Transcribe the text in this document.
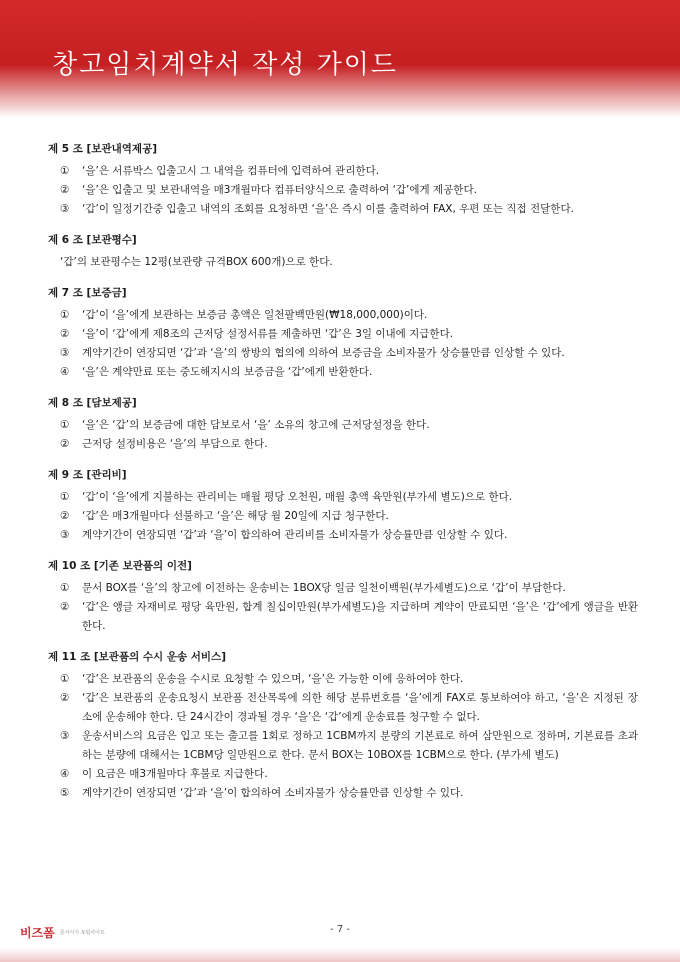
창고임치계약서 작성 가이드
제 5 조 [보관내역제공]
①	‘을’은 서류박스 입출고시 그 내역을 컴퓨터에 입력하여 관리한다.
②	‘을’은 입출고 및 보관내역을 매3개월마다 컴퓨터양식으로 출력하여 ‘갑’에게 제공한다.
③	‘갑’이 일정기간중 입출고 내역의 조회를 요청하면 ‘을’은 즉시 이를 출력하여 FAX, 우편 또는 직접 전달한다.
제 6 조 [보관평수]
‘갑’의 보관평수는 12평(보관량 규격BOX 600개)으로 한다.
제 7 조 [보증금]
①	‘갑’이 ‘을’에게 보관하는 보증금 총액은 일천팔백만원(₩18,000,000)이다.
②	‘을’이 ‘갑’에게 제8조의 근저당 설정서류를 제출하면 ‘갑’은 3일 이내에 지급한다.
③	계약기간이 연장되면 ‘갑’과 ‘을’의 쌍방의 협의에 의하여 보증금을 소비자물가 상승률만큼 인상할 수 있다.
④	‘을’은 계약만료 또는 중도해지시의 보증금을 ‘갑’에게 반환한다.
제 8 조 [담보제공]
①	‘을’은 ‘갑’의 보증금에 대한 담보로서 ‘을’ 소유의 창고에 근저당설정을 한다.
②	근저당 설정비용은 ‘을’의 부담으로 한다.
제 9 조 [관리비]
①	‘갑’이 ‘을’에게 지불하는 관리비는 매월 평당 오천원, 매월 총액 육만원(부가세 별도)으로 한다.
②	‘갑’은 매3개월마다 선불하고 ‘을’은 해당 월 20일에 지급 청구한다.
③	계약기간이 연장되면 ‘갑’과 ‘을’이 합의하여 관리비를 소비자물가 상승률만큼 인상할 수 있다.
제 10 조 [기존 보관품의 이전]
①	문서 BOX를 ‘을’의 창고에 이전하는 운송비는 1BOX당 일금 일천이백원(부가세별도)으로 ‘갑’이 부담한다.
②	‘갑’은 앵글 자재비로 평당 육만원, 합계 칠십이만원(부가세별도)을 지급하며 계약이 만료되면 ‘을’은 ‘갑’에게 앵글을 반환한다.
제 11 조 [보관품의 수시 운송 서비스]
①	‘갑’은 보관품의 운송을 수시로 요청할 수 있으며, ‘을’은 가능한 이에 응하여야 한다.
②	‘갑’은 보관품의 운송요청시 보관품 전산목록에 의한 해당 분류번호를 ‘을’에게 FAX로 통보하여야 하고, ‘을’은 지정된 장소에 운송해야 한다. 단 24시간이 경과될 경우 ‘을’은 ‘갑’에게 운송료를 청구할 수 없다.
③	운송서비스의 요금은 입고 또는 출고를 1회로 정하고 1CBM까지 분량의 기본료로 하여 삼만원으로 정하며, 기본료를 초과하는 분량에 대해서는 1CBM당 일만원으로 한다. 문서 BOX는 10BOX를 1CBM으로 한다. (부가세 별도)
④	이 요금은 매3개월마다 후불로 지급한다.
⑤	계약기간이 연장되면 ‘갑’과 ‘을’이 합의하여 소비자물가 상승률만큼 인상할 수 있다.
비즈폼 문서서식 포털사이트	- 7 -
